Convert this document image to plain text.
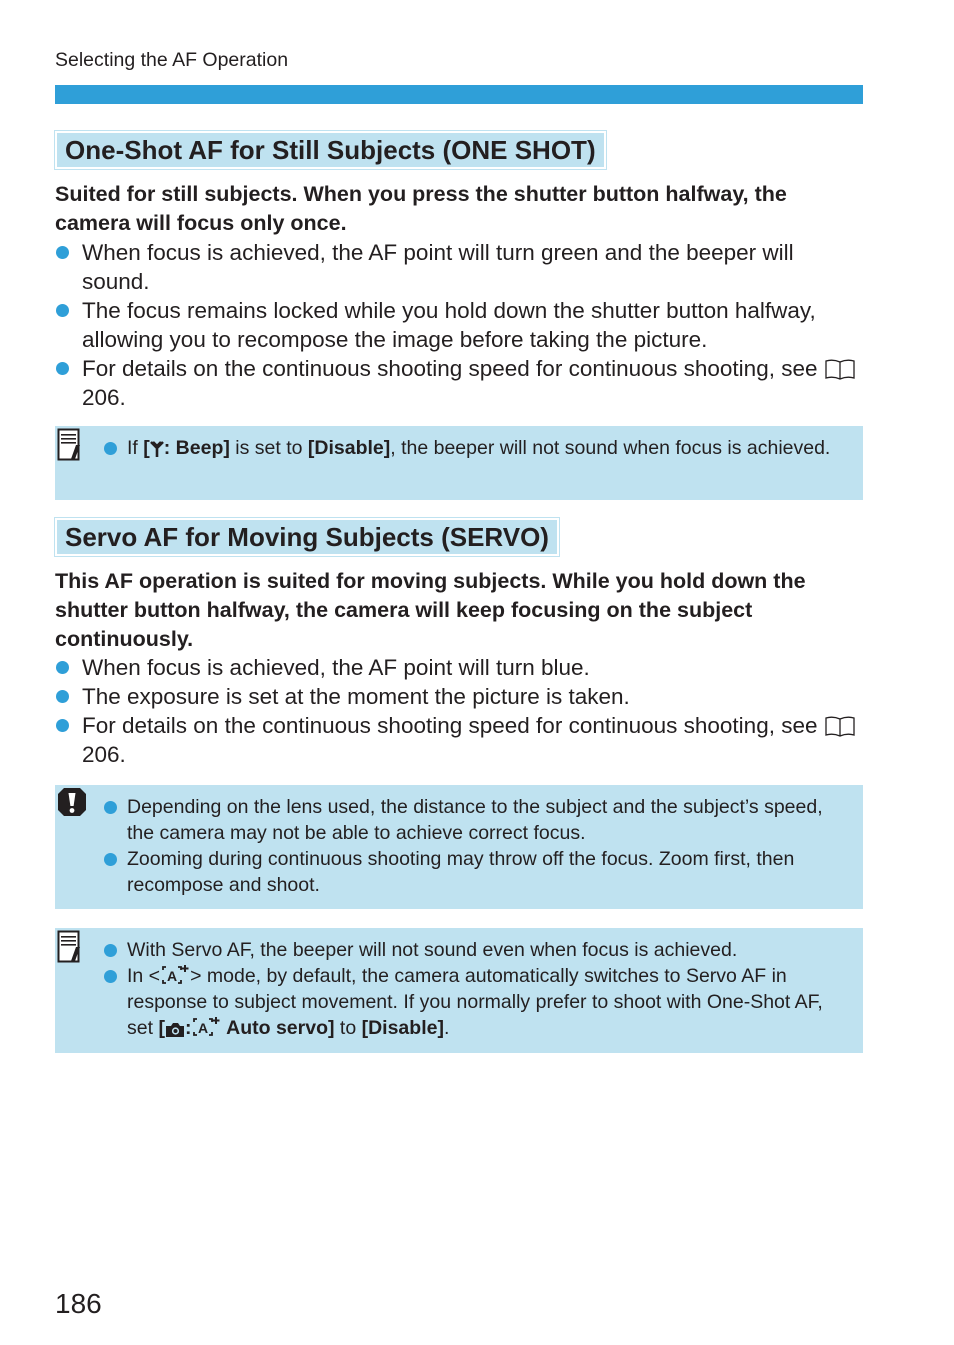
Selecting the AF Operation
One-Shot AF for Still Subjects (ONE SHOT)
Suited for still subjects. When you press the shutter button halfway, the camera will focus only once.
When focus is achieved, the AF point will turn green and the beeper will sound.
The focus remains locked while you hold down the shutter button halfway, allowing you to recompose the image before taking the picture.
For details on the continuous shooting speed for continuous shooting, see 206.
If [ : Beep] is set to [Disable], the beeper will not sound when focus is achieved.
Servo AF for Moving Subjects (SERVO)
This AF operation is suited for moving subjects. While you hold down the shutter button halfway, the camera will keep focusing on the subject continuously.
When focus is achieved, the AF point will turn blue.
The exposure is set at the moment the picture is taken.
For details on the continuous shooting speed for continuous shooting, see 206.
Depending on the lens used, the distance to the subject and the subject’s speed, the camera may not be able to achieve correct focus.
Zooming during continuous shooting may throw off the focus. Zoom first, then recompose and shoot.
With Servo AF, the beeper will not sound even when focus is achieved.
In < A > mode, by default, the camera automatically switches to Servo AF in response to subject movement. If you normally prefer to shoot with One-Shot AF, set [ : A Auto servo] to [Disable].
186
